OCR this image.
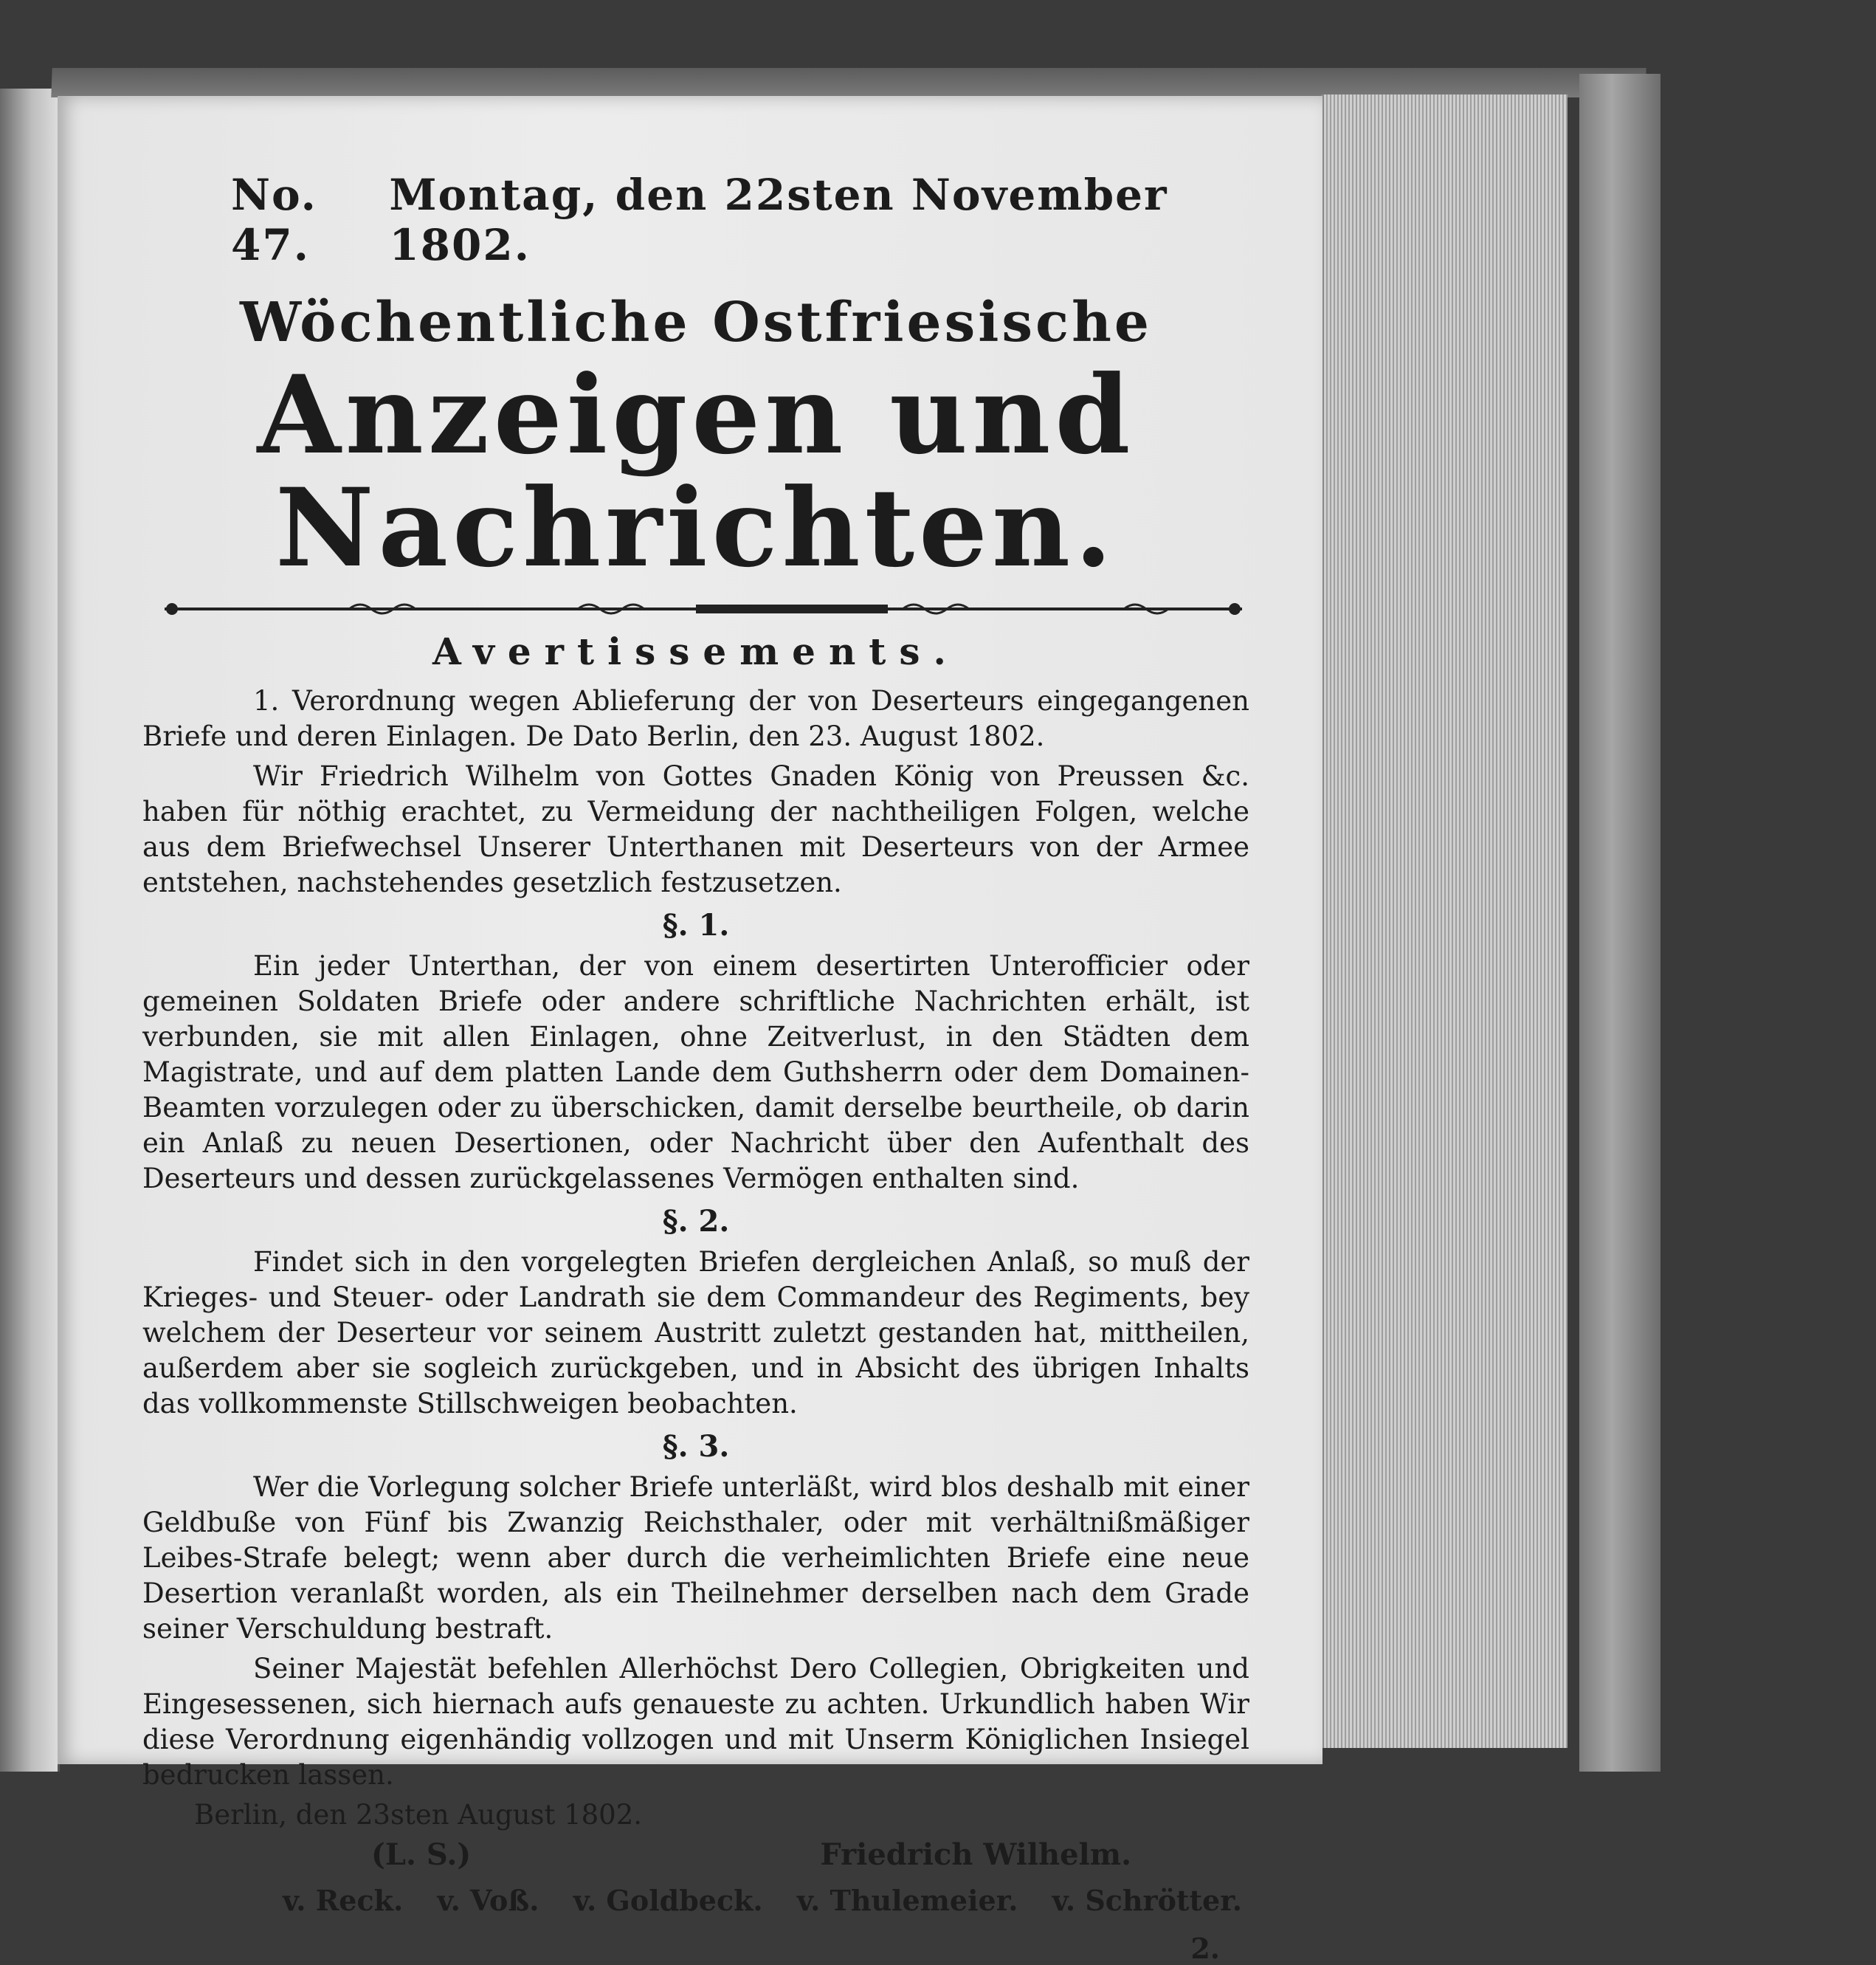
No. 47.
Montag, den 22sten November 1802.
Wöchentliche Ostfriesische
Anzeigen und Nachrichten.
Avertissements.

1. Verordnung wegen Ablieferung der von Deserteurs eingegangenen Briefe und deren Einlagen. De Dato Berlin, den 23. August 1802.

Wir Friedrich Wilhelm von Gottes Gnaden König von Preussen &c. haben für nöthig erachtet, zu Vermeidung der nachtheiligen Folgen, welche aus dem Briefwechsel Unserer Unterthanen mit Deserteurs von der Armee entstehen, nachstehendes gesetzlich festzusetzen.

§. 1.

Ein jeder Unterthan, der von einem desertirten Unterofficier oder gemeinen Soldaten Briefe oder andere schriftliche Nachrichten erhält, ist verbunden, sie mit allen Einlagen, ohne Zeitverlust, in den Städten dem Magistrate, und auf dem platten Lande dem Guthsherrn oder dem Domainen-Beamten vorzulegen oder zu überschicken, damit derselbe beurtheile, ob darin ein Anlaß zu neuen Desertionen, oder Nachricht über den Aufenthalt des Deserteurs und dessen zurückgelassenes Vermögen enthalten sind.

§. 2.

Findet sich in den vorgelegten Briefen dergleichen Anlaß, so muß der Krieges- und Steuer- oder Landrath sie dem Commandeur des Regiments, bey welchem der Deserteur vor seinem Austritt zuletzt gestanden hat, mittheilen, außerdem aber sie sogleich zurückgeben, und in Absicht des übrigen Inhalts das vollkommenste Stillschweigen beobachten.

§. 3.

Wer die Vorlegung solcher Briefe unterläßt, wird blos deshalb mit einer Geldbuße von Fünf bis Zwanzig Reichsthaler, oder mit verhältnißmäßiger Leibes-Strafe belegt; wenn aber durch die verheimlichten Briefe eine neue Desertion veranlaßt worden, als ein Theilnehmer derselben nach dem Grade seiner Verschuldung bestraft.

Seiner Majestät befehlen Allerhöchst Dero Collegien, Obrigkeiten und Eingesessenen, sich hiernach aufs genaueste zu achten. Urkundlich haben Wir diese Verordnung eigenhändig vollzogen und mit Unserm Königlichen Insiegel bedrucken lassen.

Berlin, den 23sten August 1802.
(L. S.)	Friedrich Wilhelm.
v. Reck. v. Voß. v. Goldbeck. v. Thulemeier. v. Schrötter.
2.
